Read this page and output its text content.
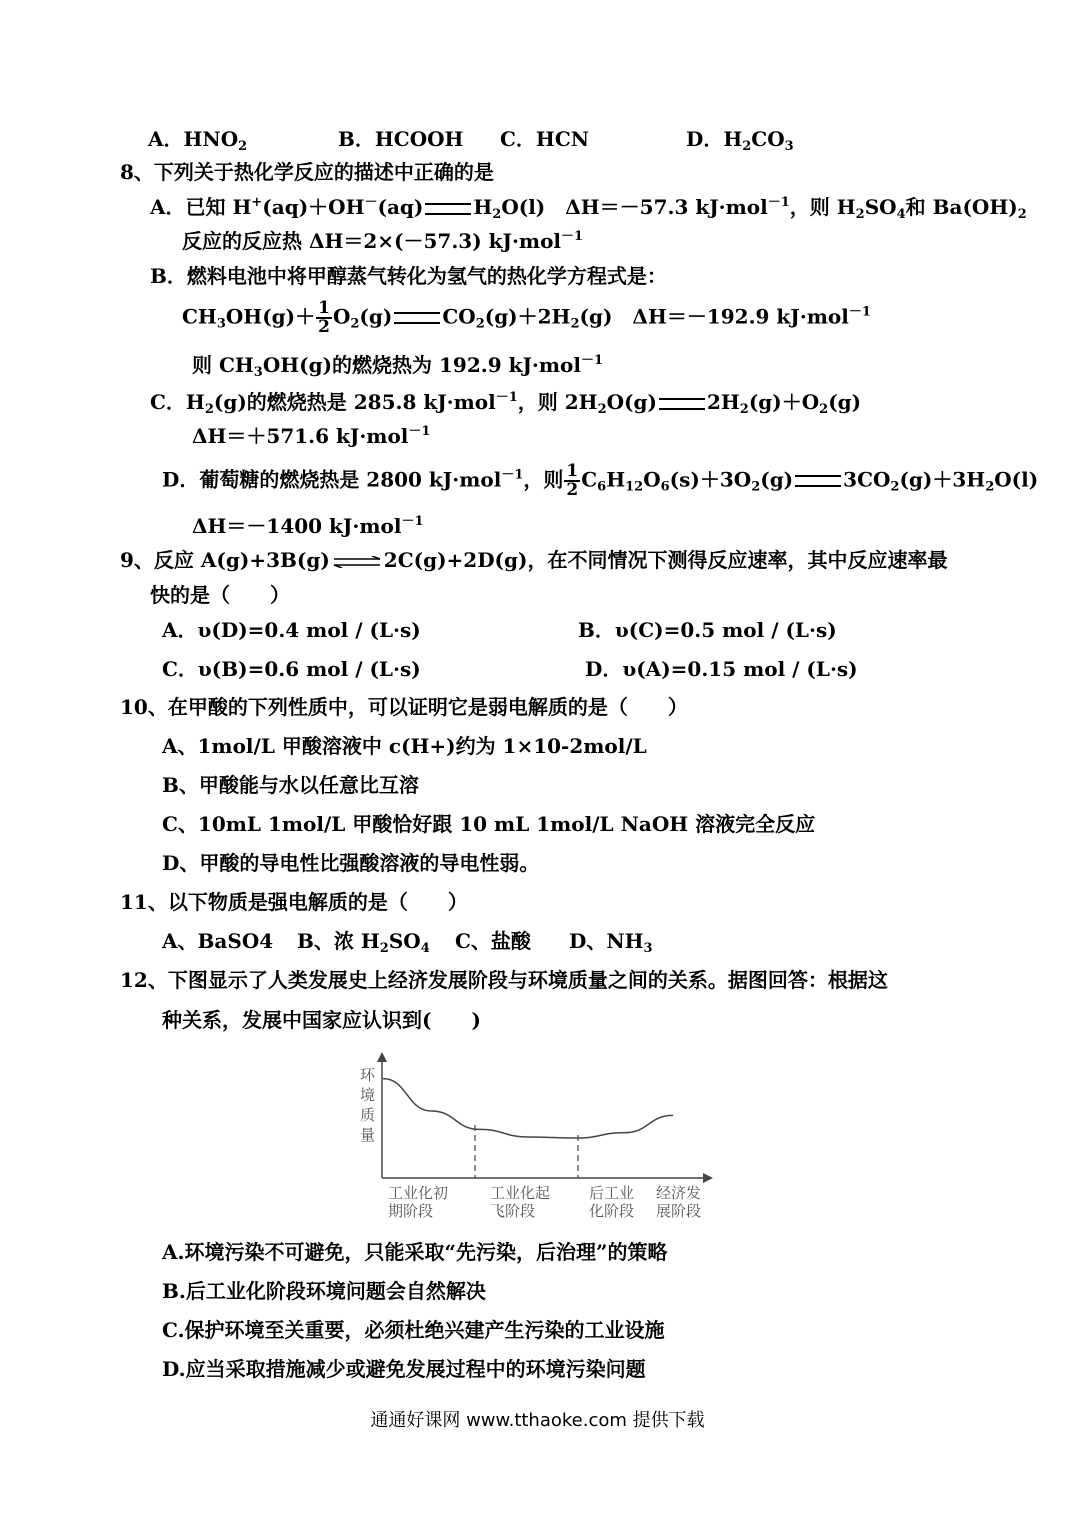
A．$HNO_2$	B．HCOOH C．HCN	D．$H_2CO_3$
8、下列关于热化学反应的描述中正确的是
A．已知 H+(aq)＋OH－(aq)	$H_2O(l)$　ΔH＝－57.3 kJ·mol$^{-1}$，则 $H_2SO_4$和 $Ba(OH)_2$
反应的反应热 ΔH＝2×(－57.3) kJ·mol$^{-1}$
B．燃料电池中将甲醇蒸气转化为氢气的热化学方程式是：
$CH_3OH(g)+ \frac{1}{2} O_2(g)$	$CO_2(g)+2H_2(g)$　ΔH＝－192.9 kJ·mol$^{-1}$
则 $CH_3OH(g)$的燃烧热为 192.9 kJ·mol$^{-1}$
C．$H_2(g)$的燃烧热是 285.8 kJ·mol$^{-1}$，则 $2H_2O(g)$	$2H_2(g)+O_2(g)$
ΔH＝＋571.6 kJ·mol$^{-1}$
D．葡萄糖的燃烧热是 2800 kJ·mol$^{-1}$，则 $\frac{1}{2} C_6H_{12}O_6(s)+3O_2(g)$	$3CO_2(g)+3H_2O(l)$
ΔH＝－1400 kJ·mol$^{-1}$
9、反应 A(g)+3B(g) ⇌ 2C(g)+2D(g)，在不同情况下测得反应速率，其中反应速率最
快的是（　　）
A．υ(D)=0.4 mol / (L·s)	B．υ(C)=0.5 mol / (L·s)
C．υ(B)=0.6 mol / (L·s)	D．υ(A)=0.15 mol / (L·s)
10、在甲酸的下列性质中，可以证明它是弱电解质的是（　　）
A、1mol/L 甲酸溶液中 c(H+)约为 1×10-2mol/L
B、甲酸能与水以任意比互溶
C、10mL 1mol/L 甲酸恰好跟 10 mL 1mol/L NaOH 溶液完全反应
D、甲酸的导电性比强酸溶液的导电性弱。
11、以下物质是强电解质的是（　　）
A、BaSO4 B、浓 $H_2SO_4$ C、盐酸 D、$NH_3$
12、下图显示了人类发展史上经济发展阶段与环境质量之间的关系。据图回答：根据这
种关系，发展中国家应认识到(　　)
环
境
质
量
工业化初
期阶段
工业化起
飞阶段
后工业
化阶段
经济发
展阶段
A.环境污染不可避免，只能采取“先污染，后治理”的策略
B.后工业化阶段环境问题会自然解决
C.保护环境至关重要，必须杜绝兴建产生污染的工业设施
D.应当采取措施减少或避免发展过程中的环境污染问题
通通好课网 www.tthaoke.com 提供下载
